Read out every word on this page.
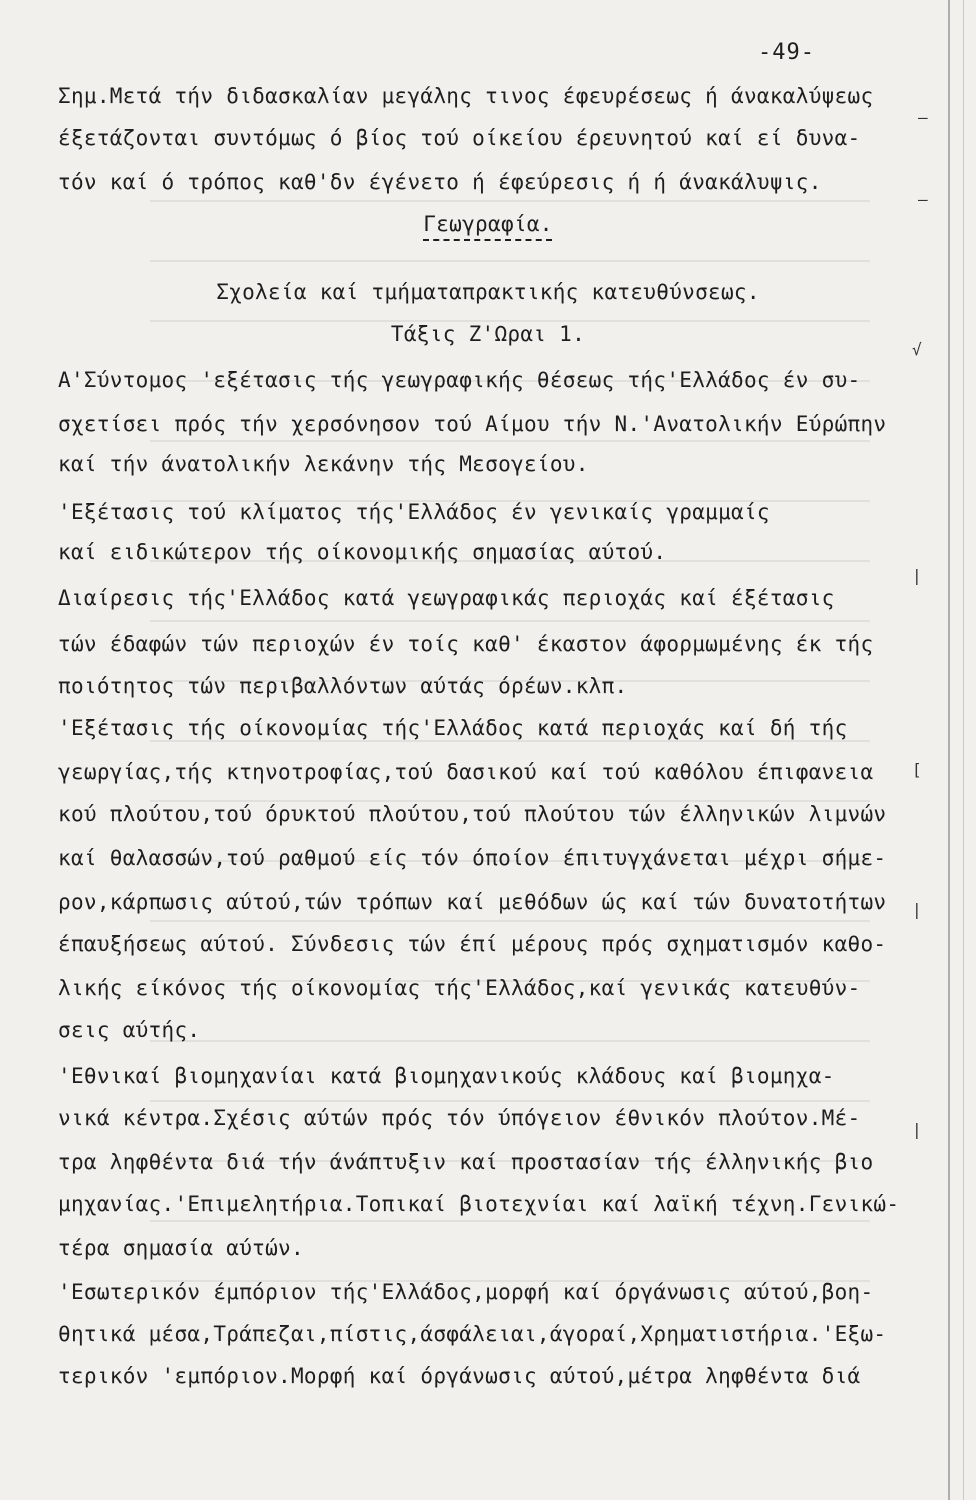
-49-
Σημ.Μετά τήν διδασκαλίαν μεγάλης τινος έφευρέσεως ή άνακαλύψεως
έξετάζονται συντόμως ό βίος τού οίκείου έρευνητού καί εί δυνα-
τόν καί ό τρόπος καθ'δν έγένετο ή έφεύρεσις ή ή άνακάλυψις.
Γεωγραφία.
Σχολεία καί τμήματαπρακτικής κατευθύνσεως.
Τάξις Ζ'Ωραι 1.
Α'Σύντομος 'εξέτασις τής γεωγραφικής θέσεως τής'Ελλάδος έν συ-
σχετίσει πρός τήν χερσόνησον τού Αίμου τήν Ν.'Ανατολικήν Εύρώπην
καί τήν άνατολικήν λεκάνην τής Μεσογείου.
'Εξέτασις τού κλίματος τής'Ελλάδος έν γενικαίς γραμμαίς
καί ειδικώτερον τής οίκονομικής σημασίας αύτού.
Διαίρεσις τής'Ελλάδος κατά γεωγραφικάς περιοχάς καί έξέτασις
τών έδαφών τών περιοχών έν τοίς καθ' έκαστον άφορμωμένης έκ τής
ποιότητος τών περιβαλλόντων αύτάς όρέων.κλπ.
'Εξέτασις τής οίκονομίας τής'Ελλάδος κατά περιοχάς καί δή τής
γεωργίας,τής κτηνοτροφίας,τού δασικού καί τού καθόλου έπιφανεια
κού πλούτου,τού όρυκτού πλούτου,τού πλούτου τών έλληνικών λιμνών
καί θαλασσών,τού ραθμού είς τόν όποίον έπιτυγχάνεται μέχρι σήμε-
ρον,κάρπωσις αύτού,τών τρόπων καί μεθόδων ώς καί τών δυνατοτήτων
έπαυξήσεως αύτού. Σύνδεσις τών έπί μέρους πρός σχηματισμόν καθο-
λικής είκόνος τής οίκονομίας τής'Ελλάδος,καί γενικάς κατευθύν-
σεις αύτής.
'Εθνικαί βιομηχανίαι κατά βιομηχανικούς κλάδους καί βιομηχα-
νικά κέντρα.Σχέσις αύτών πρός τόν ύπόγειον έθνικόν πλούτον.Μέ-
τρα ληφθέντα διά τήν άνάπτυξιν καί προστασίαν τής έλληνικής βιο
μηχανίας.'Επιμελητήρια.Τοπικαί βιοτεχνίαι καί λαϊκή τέχνη.Γενικώ-
τέρα σημασία αύτών.
'Εσωτερικόν έμπόριον τής'Ελλάδος,μορφή καί όργάνωσις αύτού,βοη-
θητικά μέσα,Τράπεζαι,πίστις,άσφάλειαι,άγοραί,Χρηματιστήρια.'Εξω-
τερικόν 'εμπόριον.Μορφή καί όργάνωσις αύτού,μέτρα ληφθέντα διά
–
–
√
|
[
|
|
